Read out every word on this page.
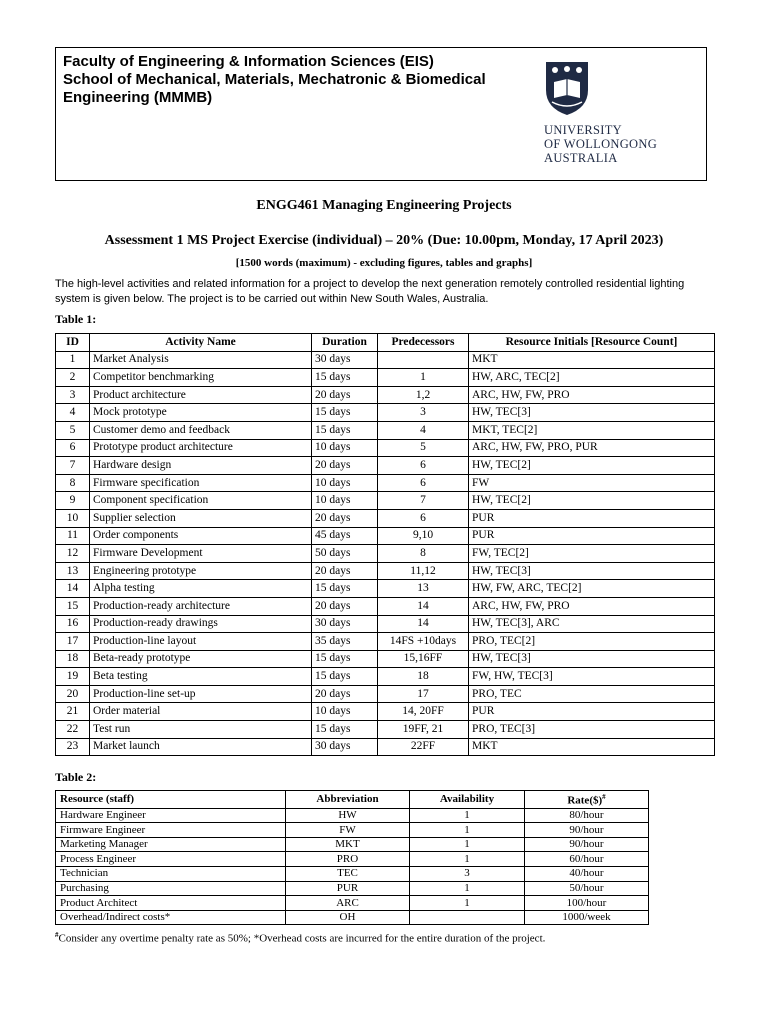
Faculty of Engineering & Information Sciences (EIS)
School of Mechanical, Materials, Mechatronic & Biomedical
Engineering (MMMB)
UNIVERSITY
OF WOLLONGONG
AUSTRALIA
ENGG461 Managing Engineering Projects
Assessment 1 MS Project Exercise (individual) – 20% (Due: 10.00pm, Monday, 17 April 2023)
[1500 words (maximum) - excluding figures, tables and graphs]
The high-level activities and related information for a project to develop the next generation remotely controlled residential lighting system is given below. The project is to be carried out within New South Wales, Australia.
Table 1:
ID	Activity Name	Duration	Predecessors	Resource Initials [Resource Count]
1	Market Analysis	30 days		MKT
2	Competitor benchmarking	15 days	1	HW, ARC, TEC[2]
3	Product architecture	20 days	1,2	ARC, HW, FW, PRO
4	Mock prototype	15 days	3	HW, TEC[3]
5	Customer demo and feedback	15 days	4	MKT, TEC[2]
6	Prototype product architecture	10 days	5	ARC, HW, FW, PRO, PUR
7	Hardware design	20 days	6	HW, TEC[2]
8	Firmware specification	10 days	6	FW
9	Component specification	10 days	7	HW, TEC[2]
10	Supplier selection	20 days	6	PUR
11	Order components	45 days	9,10	PUR
12	Firmware Development	50 days	8	FW, TEC[2]
13	Engineering prototype	20 days	11,12	HW, TEC[3]
14	Alpha testing	15 days	13	HW, FW, ARC, TEC[2]
15	Production-ready architecture	20 days	14	ARC, HW, FW, PRO
16	Production-ready drawings	30 days	14	HW, TEC[3], ARC
17	Production-line layout	35 days	14FS +10days	PRO, TEC[2]
18	Beta-ready prototype	15 days	15,16FF	HW, TEC[3]
19	Beta testing	15 days	18	FW, HW, TEC[3]
20	Production-line set-up	20 days	17	PRO, TEC
21	Order material	10 days	14, 20FF	PUR
22	Test run	15 days	19FF, 21	PRO, TEC[3]
23	Market launch	30 days	22FF	MKT
Table 2:
Resource (staff)	Abbreviation	Availability	Rate($)#
Hardware Engineer	HW	1	80/hour
Firmware Engineer	FW	1	90/hour
Marketing Manager	MKT	1	90/hour
Process Engineer	PRO	1	60/hour
Technician	TEC	3	40/hour
Purchasing	PUR	1	50/hour
Product Architect	ARC	1	100/hour
Overhead/Indirect costs*	OH		1000/week
#Consider any overtime penalty rate as 50%; *Overhead costs are incurred for the entire duration of the project.
